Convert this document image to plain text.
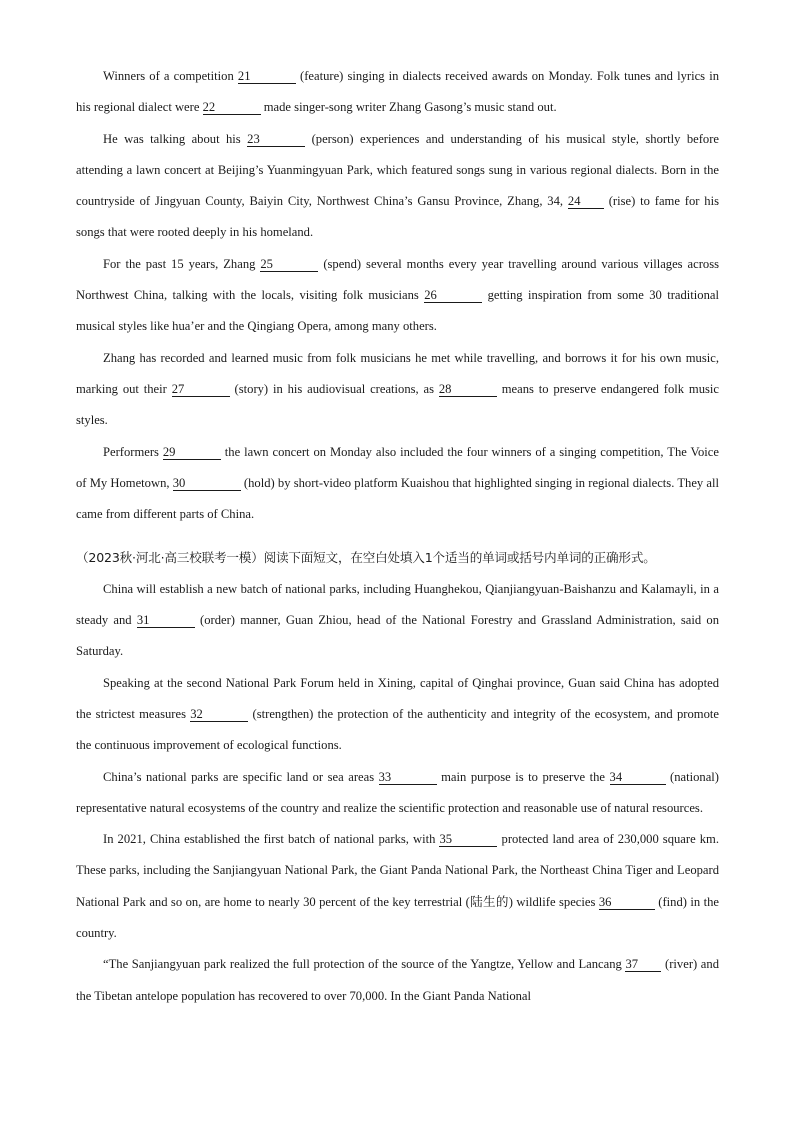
Winners of a competition 21	(feature) singing in dialects received awards on Monday. Folk tunes and lyrics in his regional dialect were 22	made singer-song writer Zhang Gasong’s music stand out.

He was talking about his 23	(person) experiences and understanding of his musical style, shortly before attending a lawn concert at Beijing’s Yuanmingyuan Park, which featured songs sung in various regional dialects. Born in the countryside of Jingyuan County, Baiyin City, Northwest China’s Gansu Province, Zhang, 34, 24 (rise) to fame for his songs that were rooted deeply in his homeland.

For the past 15 years, Zhang 25	(spend) several months every year travelling around various villages across Northwest China, talking with the locals, visiting folk musicians 26	getting inspiration from some 30 traditional musical styles like hua’er and the Qingiang Opera, among many others.

Zhang has recorded and learned music from folk musicians he met while travelling, and borrows it for his own music, marking out their 27	(story) in his audiovisual creations, as 28	means to preserve endangered folk music styles.

Performers 29	the lawn concert on Monday also included the four winners of a singing competition, The Voice of My Hometown, 30	(hold) by short-video platform Kuaishou that highlighted singing in regional dialects. They all came from different parts of China.

（2023秋·河北·高三校联考一模）阅读下面短文，在空白处填入1个适当的单词或括号内单词的正确形式。

China will establish a new batch of national parks, including Huanghekou, Qianjiangyuan-Baishanzu and Kalamayli, in a steady and 31	(order) manner, Guan Zhiou, head of the National Forestry and Grassland Administration, said on Saturday.

Speaking at the second National Park Forum held in Xining, capital of Qinghai province, Guan said China has adopted the strictest measures 32	(strengthen) the protection of the authenticity and integrity of the ecosystem, and promote the continuous improvement of ecological functions.

China’s national parks are specific land or sea areas 33	main purpose is to preserve the 34	(national) representative natural ecosystems of the country and realize the scientific protection and reasonable use of natural resources.

In 2021, China established the first batch of national parks, with 35	protected land area of 230,000 square km. These parks, including the Sanjiangyuan National Park, the Giant Panda National Park, the Northeast China Tiger and Leopard National Park and so on, are home to nearly 30 percent of the key terrestrial (陆生的) wildlife species 36	(find) in the country.

“The Sanjiangyuan park realized the full protection of the source of the Yangtze, Yellow and Lancang 37 (river) and the Tibetan antelope population has recovered to over 70,000. In the Giant Panda National
